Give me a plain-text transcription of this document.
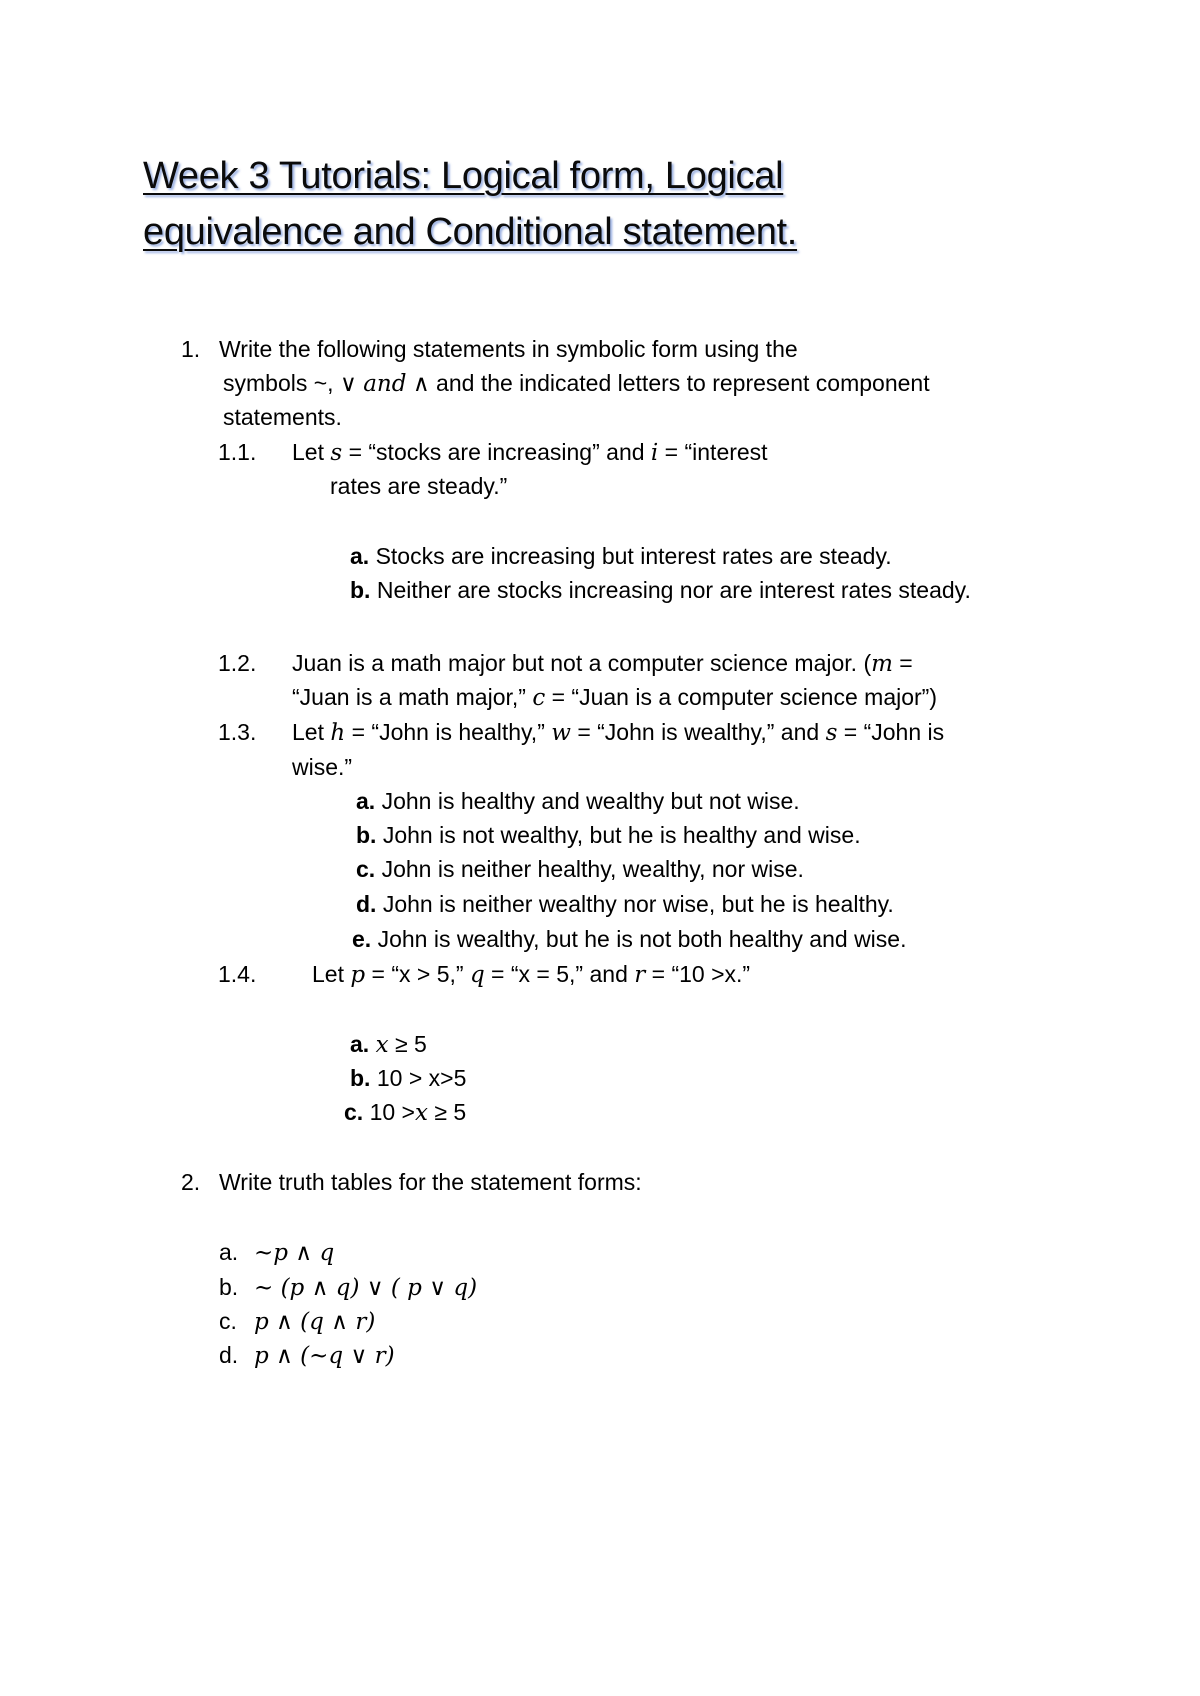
Week 3 Tutorials: Logical form, Logical
equivalence and Conditional statement.
1. Write the following statements in symbolic form using the
symbols ~, ∨ and ∧ and the indicated letters to represent component
statements.
1.1. Let s = “stocks are increasing” and i = “interest
rates are steady.”
a. Stocks are increasing but interest rates are steady.
b. Neither are stocks increasing nor are interest rates steady.
1.2. Juan is a math major but not a computer science major. (m =
“Juan is a math major,” c = “Juan is a computer science major”)
1.3. Let h = “John is healthy,” w = “John is wealthy,” and s = “John is
wise.”
a. John is healthy and wealthy but not wise.
b. John is not wealthy, but he is healthy and wise.
c. John is neither healthy, wealthy, nor wise.
d. John is neither wealthy nor wise, but he is healthy.
e. John is wealthy, but he is not both healthy and wise.
1.4. Let p = “x > 5,” q = “x = 5,” and r = “10 >x.”
a. x ≥ 5
b. 10 > x>5
c. 10 >x ≥ 5
2. Write truth tables for the statement forms:
a. ~p ∧ q
b. ~ (p ∧ q) ∨ ( p ∨ q)
c. p ∧ (q ∧ r)
d. p ∧ (~q ∨ r)
